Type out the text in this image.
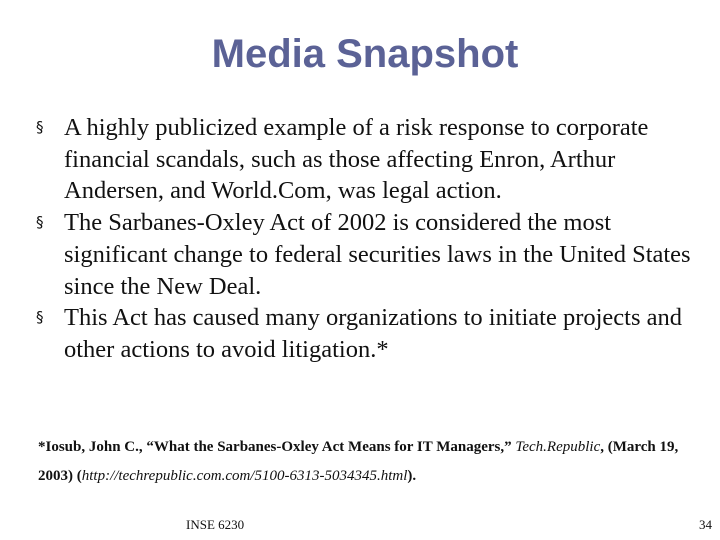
Media Snapshot
§ A highly publicized example of a risk response to corporate financial scandals, such as those affecting Enron, Arthur Andersen, and World.Com, was legal action.
§ The Sarbanes-Oxley Act of 2002 is considered the most significant change to federal securities laws in the United States since the New Deal.
§ This Act has caused many organizations to initiate projects and other actions to avoid litigation.*

*Iosub, John C., “What the Sarbanes-Oxley Act Means for IT Managers,” Tech.Republic, (March 19, 2003) (http://techrepublic.com.com/5100-6313-5034345.html).

INSE 6230	34
